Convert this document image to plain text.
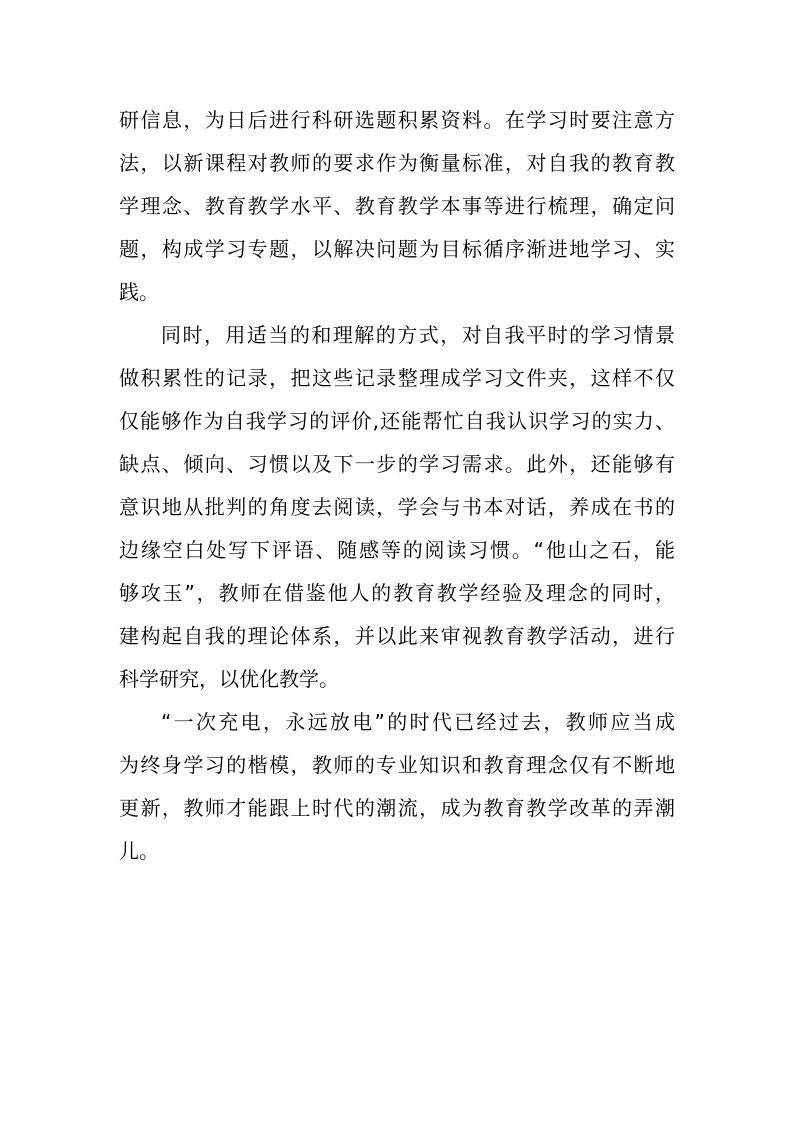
研信息，为日后进行科研选题积累资料。在学习时要注意方
法，以新课程对教师的要求作为衡量标准，对自我的教育教
学理念、教育教学水平、教育教学本事等进行梳理，确定问
题，构成学习专题，以解决问题为目标循序渐进地学习、实
践。
同时，用适当的和理解的方式，对自我平时的学习情景
做积累性的记录，把这些记录整理成学习文件夹，这样不仅
仅能够作为自我学习的评价,还能帮忙自我认识学习的实力、
缺点、倾向、习惯以及下一步的学习需求。此外，还能够有
意识地从批判的角度去阅读，学会与书本对话，养成在书的
边缘空白处写下评语、随感等的阅读习惯。“他山之石，能
够攻玉”，教师在借鉴他人的教育教学经验及理念的同时，
建构起自我的理论体系，并以此来审视教育教学活动，进行
科学研究，以优化教学。
“一次充电，永远放电”的时代已经过去，教师应当成
为终身学习的楷模，教师的专业知识和教育理念仅有不断地
更新，教师才能跟上时代的潮流，成为教育教学改革的弄潮
儿。
